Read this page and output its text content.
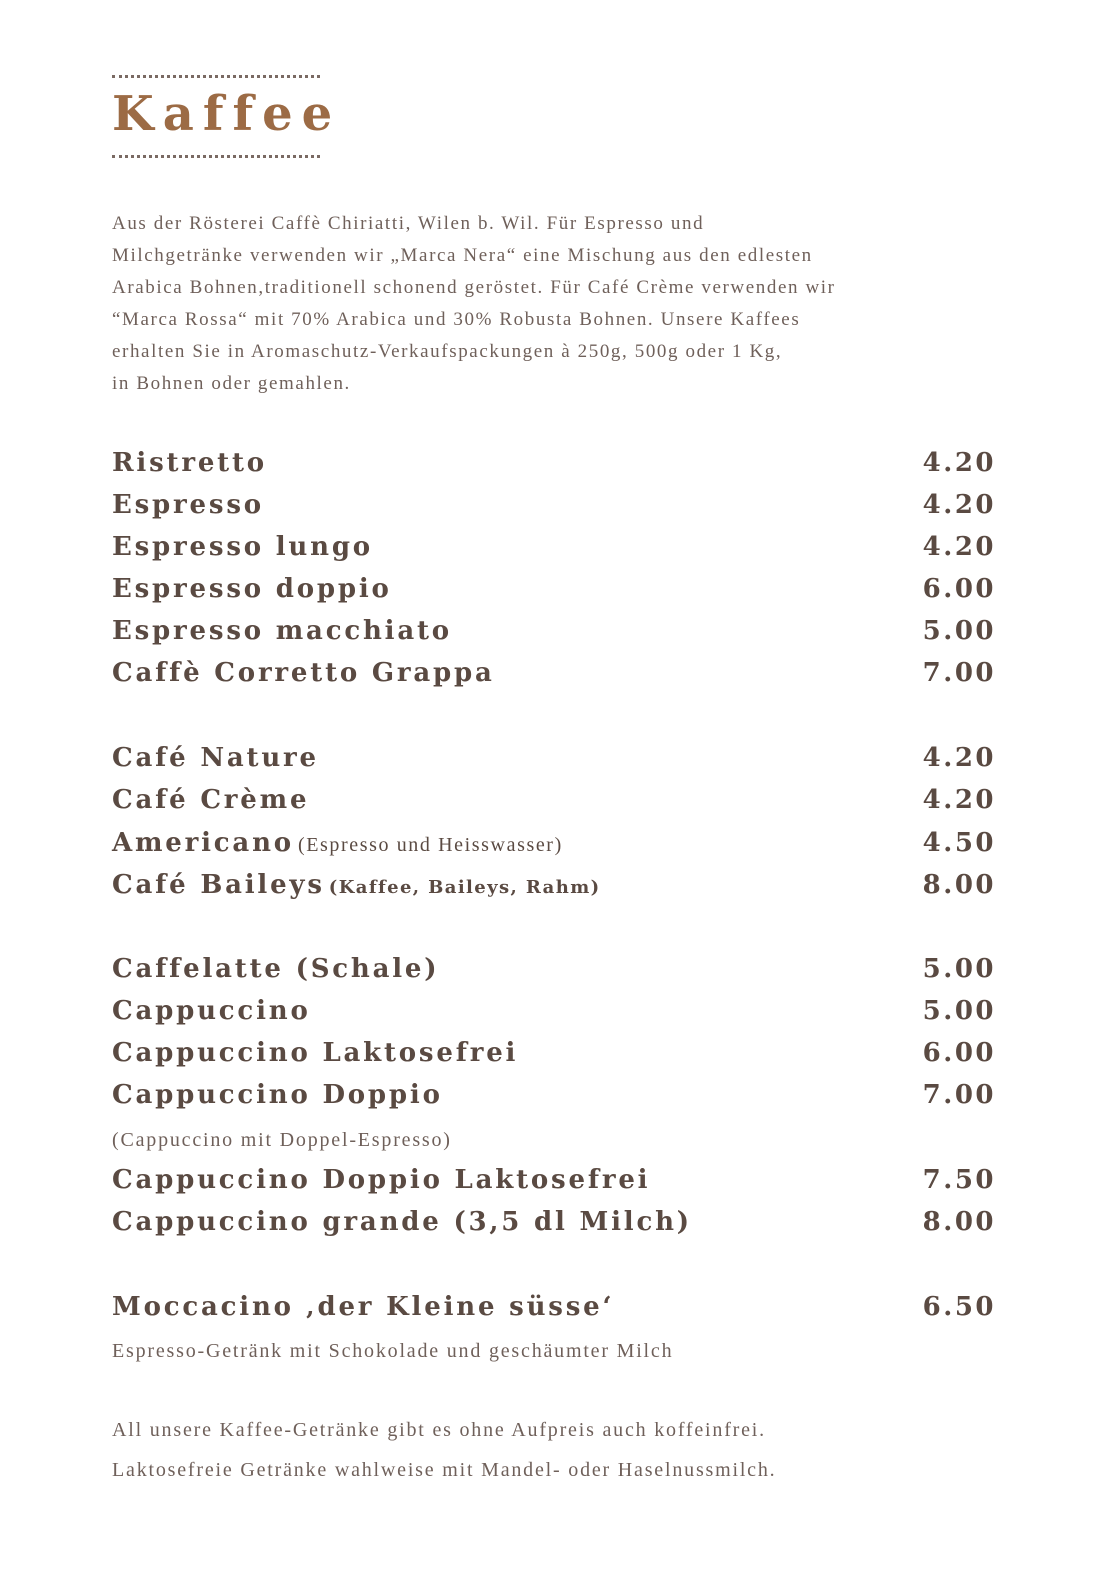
Kaffee
Aus der Rösterei Caffè Chiriatti, Wilen b. Wil. Für Espresso und
Milchgetränke verwenden wir „Marca Nera“ eine Mischung aus den edlesten
Arabica Bohnen,traditionell schonend geröstet. Für Café Crème verwenden wir
“Marca Rossa“ mit 70% Arabica und 30% Robusta Bohnen. Unsere Kaffees
erhalten Sie in Aromaschutz-Verkaufspackungen à 250g, 500g oder 1 Kg,
in Bohnen oder gemahlen.
Ristretto	4.20
Espresso	4.20
Espresso lungo	4.20
Espresso doppio	6.00
Espresso macchiato	5.00
Caffè Corretto Grappa	7.00
Café Nature	4.20
Café Crème	4.20
Americano (Espresso und Heisswasser)	4.50
Café Baileys (Kaffee, Baileys, Rahm)	8.00
Caffelatte (Schale)	5.00
Cappuccino	5.00
Cappuccino Laktosefrei	6.00
Cappuccino Doppio	7.00
(Cappuccino mit Doppel-Espresso)
Cappuccino Doppio Laktosefrei	7.50
Cappuccino grande (3,5 dl Milch)	8.00
Moccacino ‚der Kleine süsse‘	6.50
Espresso-Getränk mit Schokolade und geschäumter Milch
All unsere Kaffee-Getränke gibt es ohne Aufpreis auch koffeinfrei.
Laktosefreie Getränke wahlweise mit Mandel- oder Haselnussmilch.
